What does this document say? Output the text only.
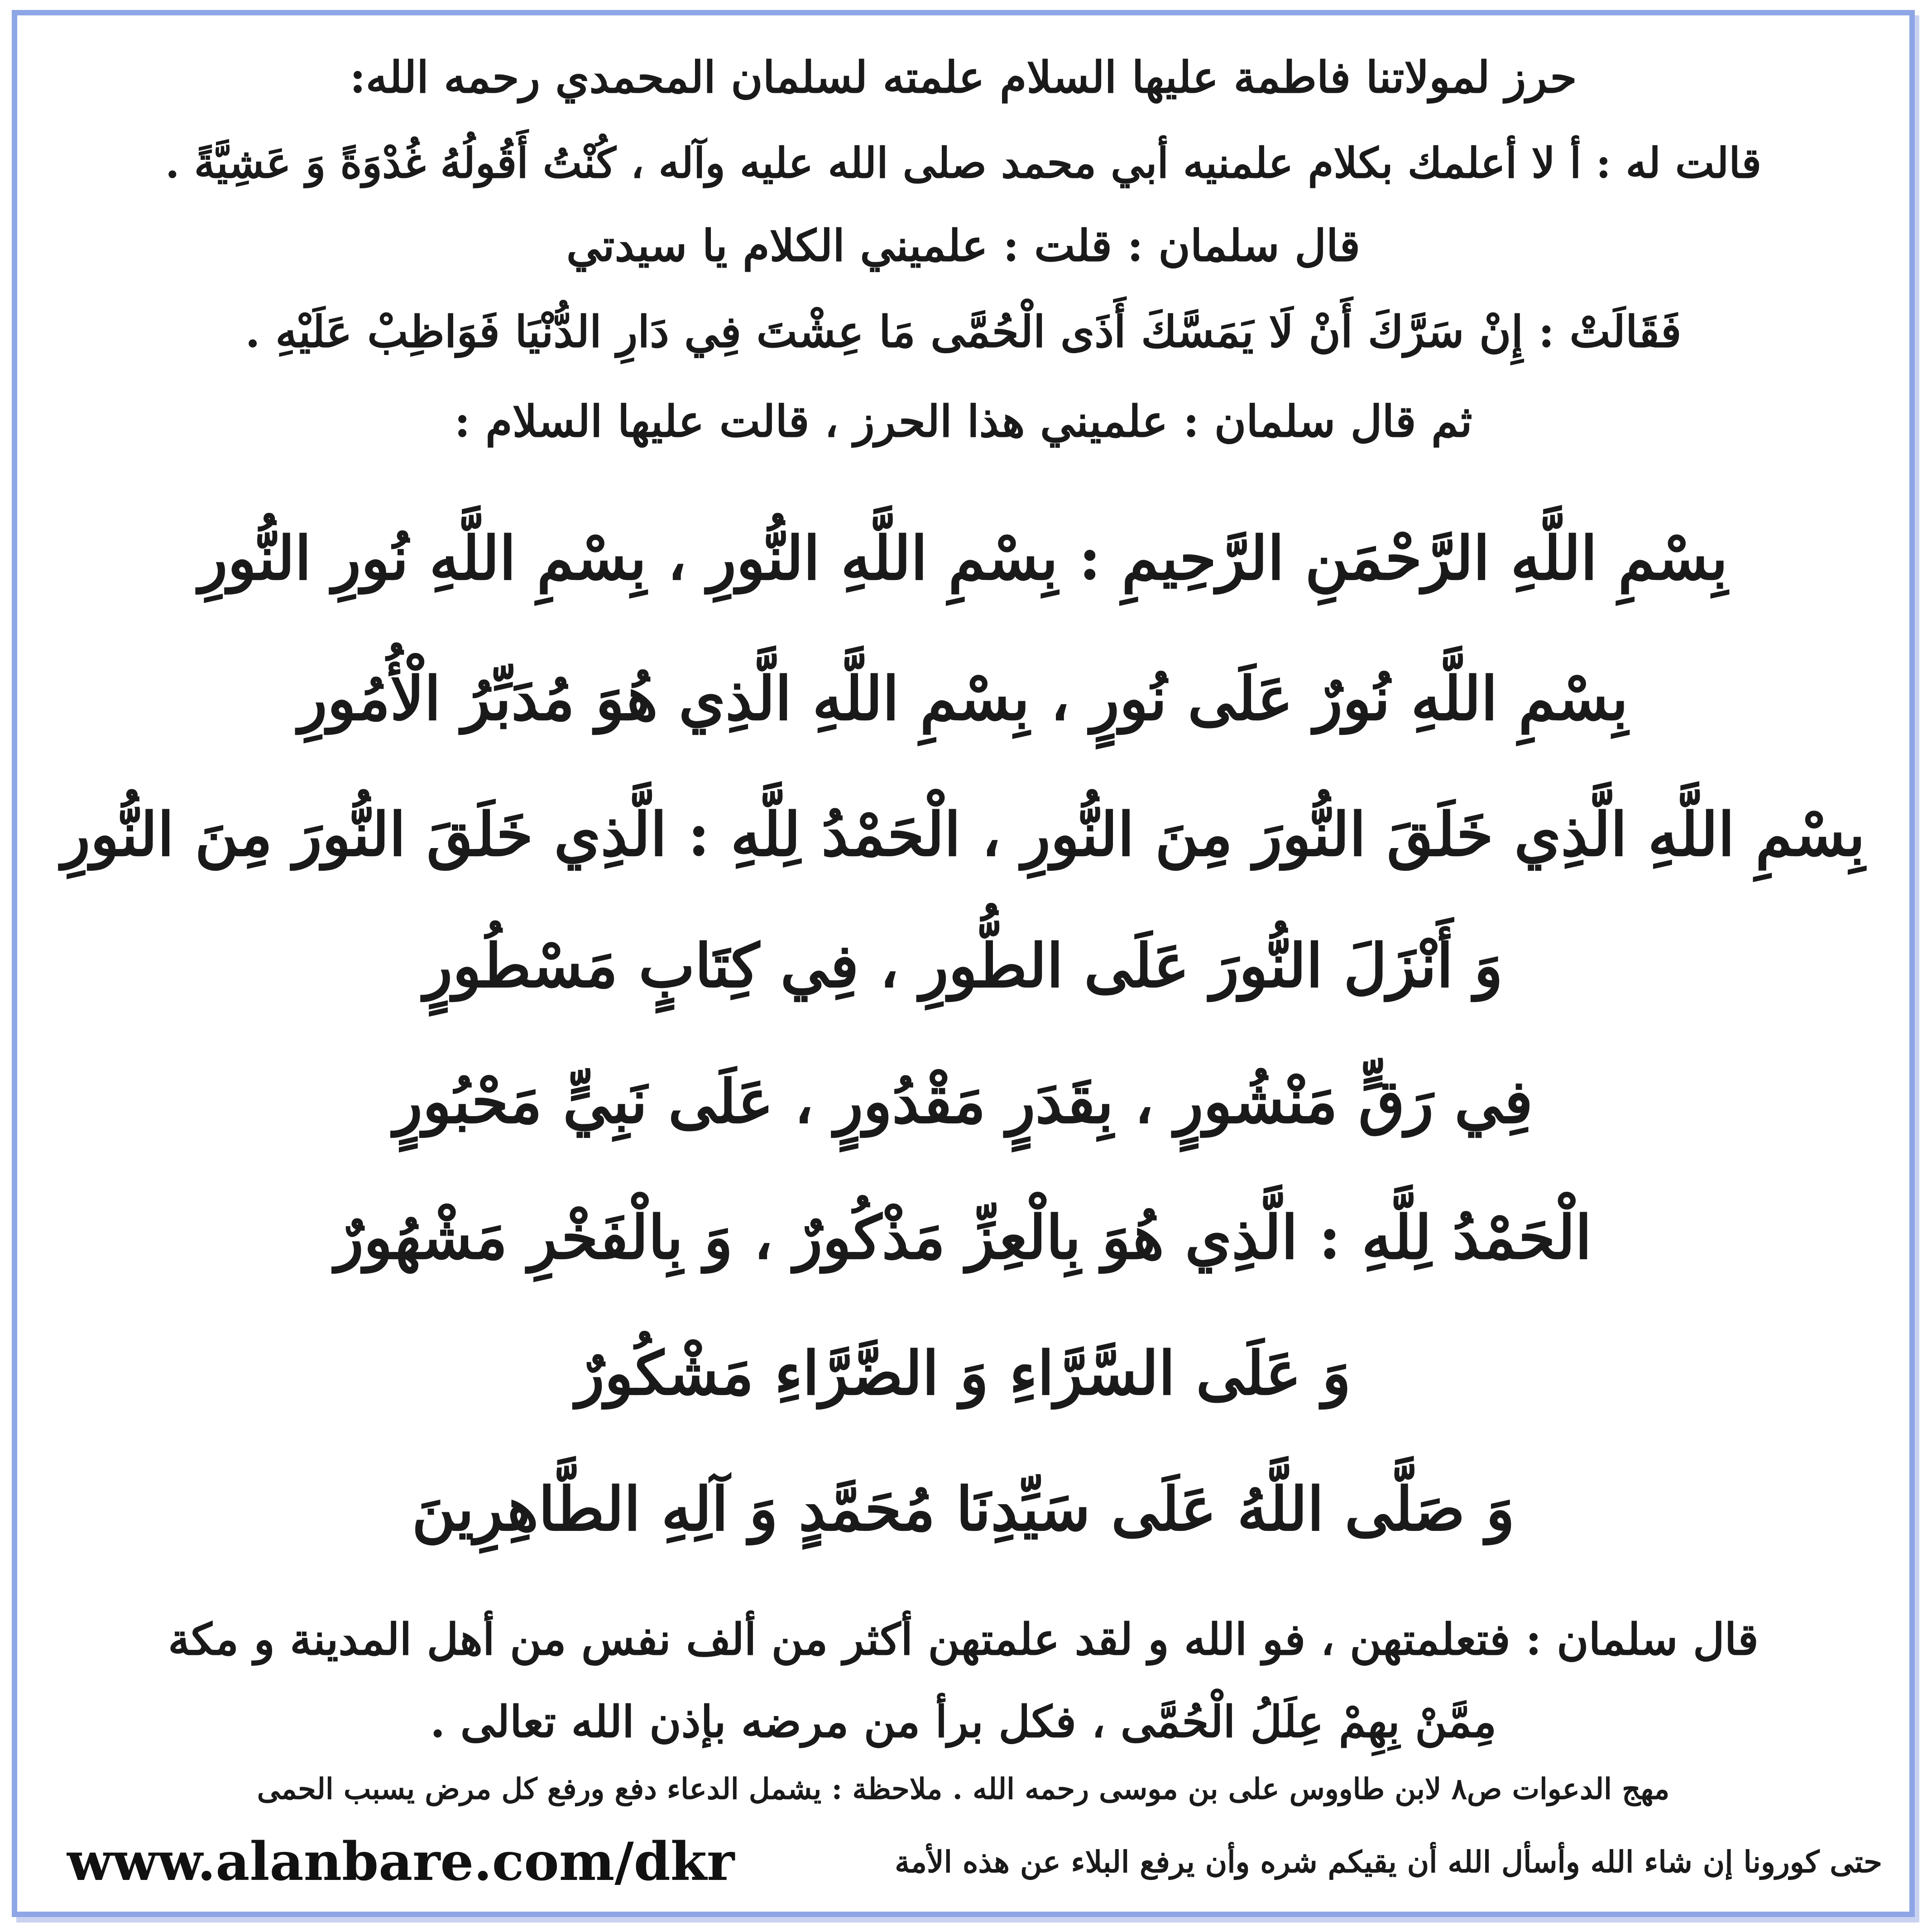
حرز لمولاتنا فاطمة عليها السلام علمته لسلمان المحمدي رحمه الله:
قالت له : أ لا أعلمك بكلام علمنيه أبي محمد صلى الله عليه وآله ، كُنْتُ أَقُولُهُ غُدْوَةً وَ عَشِيَّةً .
قال سلمان : قلت : علميني الكلام يا سيدتي
فَقَالَتْ : إِنْ سَرَّكَ أَنْ لَا يَمَسَّكَ أَذَى الْحُمَّى مَا عِشْتَ فِي دَارِ الدُّنْيَا فَوَاظِبْ عَلَيْهِ .
ثم قال سلمان : علميني هذا الحرز ، قالت عليها السلام :
بِسْمِ اللَّهِ الرَّحْمَنِ الرَّحِيمِ : بِسْمِ اللَّهِ النُّورِ ، بِسْمِ اللَّهِ نُورِ النُّورِ
بِسْمِ اللَّهِ نُورٌ عَلَى نُورٍ ، بِسْمِ اللَّهِ الَّذِي هُوَ مُدَبِّرُ الْأُمُورِ
بِسْمِ اللَّهِ الَّذِي خَلَقَ النُّورَ مِنَ النُّورِ ، الْحَمْدُ لِلَّهِ : الَّذِي خَلَقَ النُّورَ مِنَ النُّورِ
وَ أَنْزَلَ النُّورَ عَلَى الطُّورِ ، فِي كِتَابٍ مَسْطُورٍ
فِي رَقٍّ مَنْشُورٍ ، بِقَدَرٍ مَقْدُورٍ ، عَلَى نَبِيٍّ مَحْبُورٍ
الْحَمْدُ لِلَّهِ : الَّذِي هُوَ بِالْعِزِّ مَذْكُورٌ ، وَ بِالْفَخْرِ مَشْهُورٌ
وَ عَلَى السَّرَّاءِ وَ الضَّرَّاءِ مَشْكُورٌ
وَ صَلَّى اللَّهُ عَلَى سَيِّدِنَا مُحَمَّدٍ وَ آلِهِ الطَّاهِرِينَ
قال سلمان : فتعلمتهن ، فو الله و لقد علمتهن أكثر من ألف نفس من أهل المدينة و مكة
مِمَّنْ بِهِمْ عِلَلُ الْحُمَّى ، فكل برأ من مرضه بإذن الله تعالى .
مهج الدعوات ص٨ لابن طاووس على بن موسى رحمه الله . ملاحظة : يشمل الدعاء دفع ورفع كل مرض يسبب الحمى
حتى كورونا إن شاء الله وأسأل الله أن يقيكم شره وأن يرفع البلاء عن هذه الأمة
www.alanbare.com/dkr
